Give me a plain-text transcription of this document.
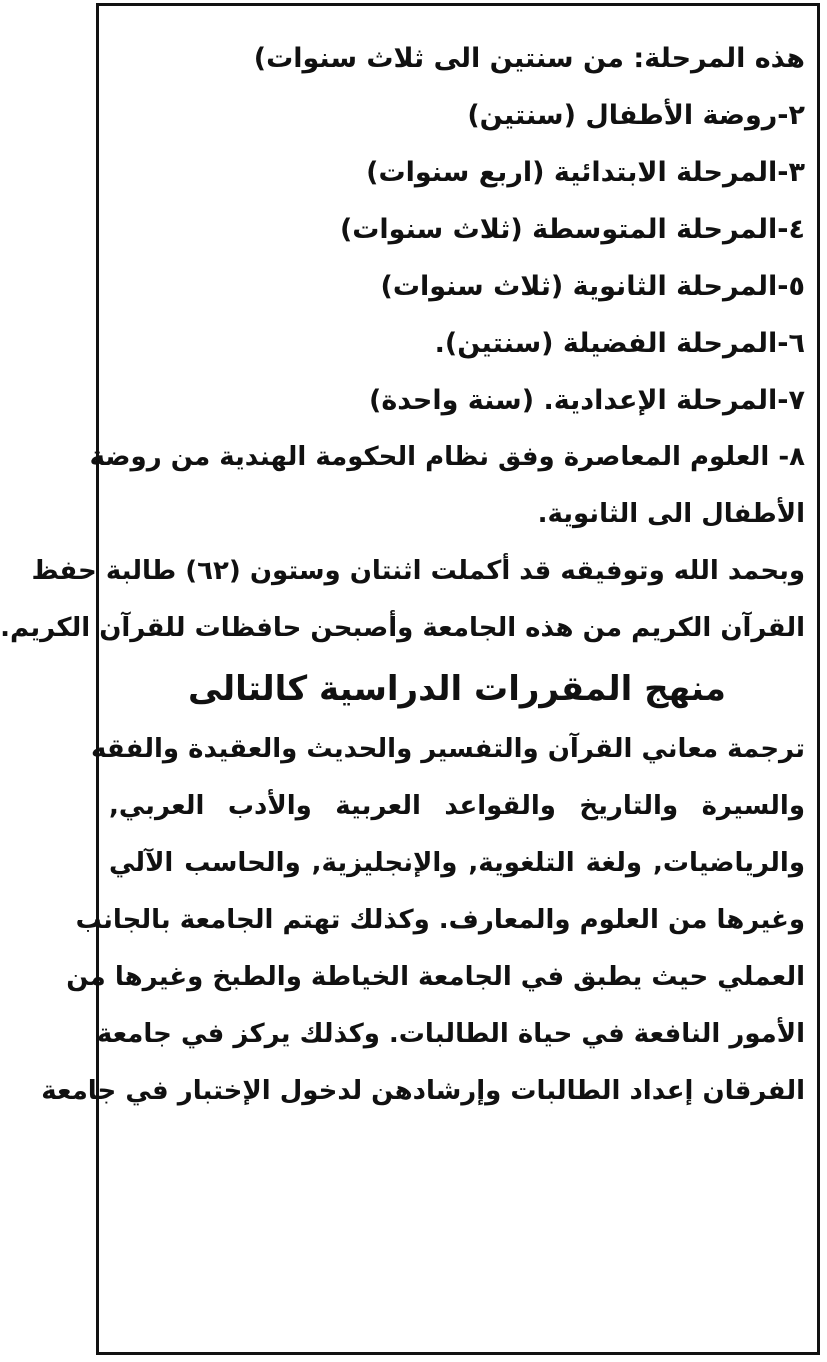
هذه المرحلة: من سنتين الى ثلاث سنوات)
٢-روضة الأطفال (سنتين)
٣-المرحلة الابتدائية (اربع سنوات)
٤-المرحلة المتوسطة (ثلاث سنوات)
٥-المرحلة الثانوية (ثلاث سنوات)
٦-المرحلة الفضيلة (سنتين).
٧-المرحلة الإعدادية. (سنة واحدة)
٨- العلوم المعاصرة وفق نظام الحكومة الهندية من روضة
الأطفال الى الثانوية.
وبحمد الله وتوفيقه قد أكملت اثنتان وستون (٦٢) طالبة حفظ
القرآن الكريم من هذه الجامعة وأصبحن حافظات للقرآن الكريم.
منهج المقررات الدراسية كالتالى
ترجمة معاني القرآن والتفسير والحديث والعقيدة والفقه
والسيرة والتاريخ والقواعد العربية والأدب العربي,
والرياضيات, ولغة التلغوية, والإنجليزية, والحاسب الآلي
وغيرها من العلوم والمعارف. وكذلك تهتم الجامعة بالجانب
العملي حيث يطبق في الجامعة الخياطة والطبخ وغيرها من
الأمور النافعة في حياة الطالبات. وكذلك يركز في جامعة
الفرقان إعداد الطالبات وإرشادهن لدخول الإختبار في جامعة
